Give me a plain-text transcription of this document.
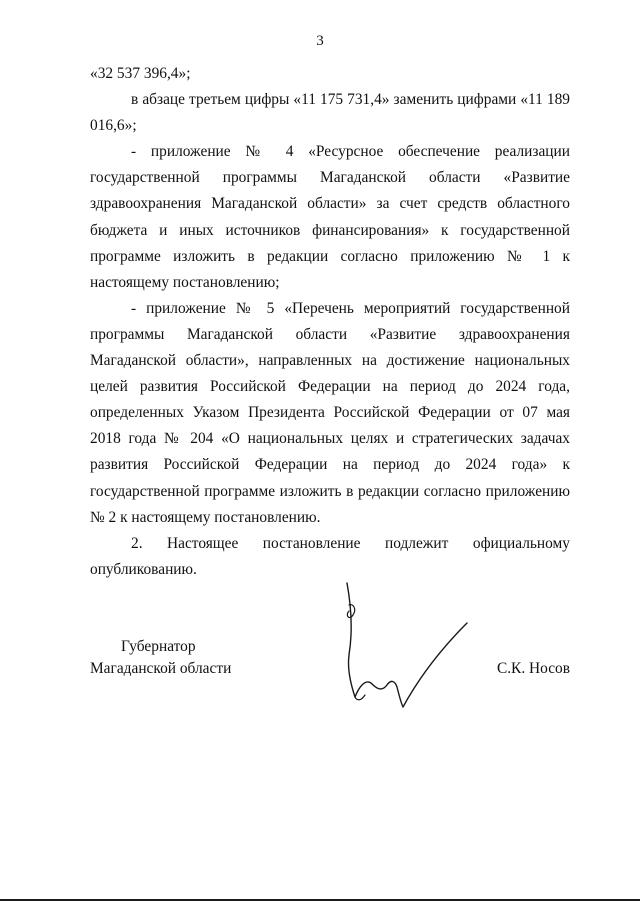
3

«32 537 396,4»;

в абзаце третьем цифры «11 175 731,4» заменить цифрами «11 189 016,6»;

- приложение № 4 «Ресурсное обеспечение реализации государственной программы Магаданской области «Развитие здравоохранения Магаданской области» за счет средств областного бюджета и иных источников финансирования» к государственной программе изложить в редакции согласно приложению № 1 к настоящему постановлению;

- приложение № 5 «Перечень мероприятий государственной программы Магаданской области «Развитие здравоохранения Магаданской области», направленных на достижение национальных целей развития Российской Федерации на период до 2024 года, определенных Указом Президента Российской Федерации от 07 мая 2018 года № 204 «О национальных целях и стратегических задачах развития Российской Федерации на период до 2024 года» к государственной программе изложить в редакции согласно приложению № 2 к настоящему постановлению.

2. Настоящее постановление подлежит официальному опубликованию.

Губернатор
Магаданской области	С.К. Носов
